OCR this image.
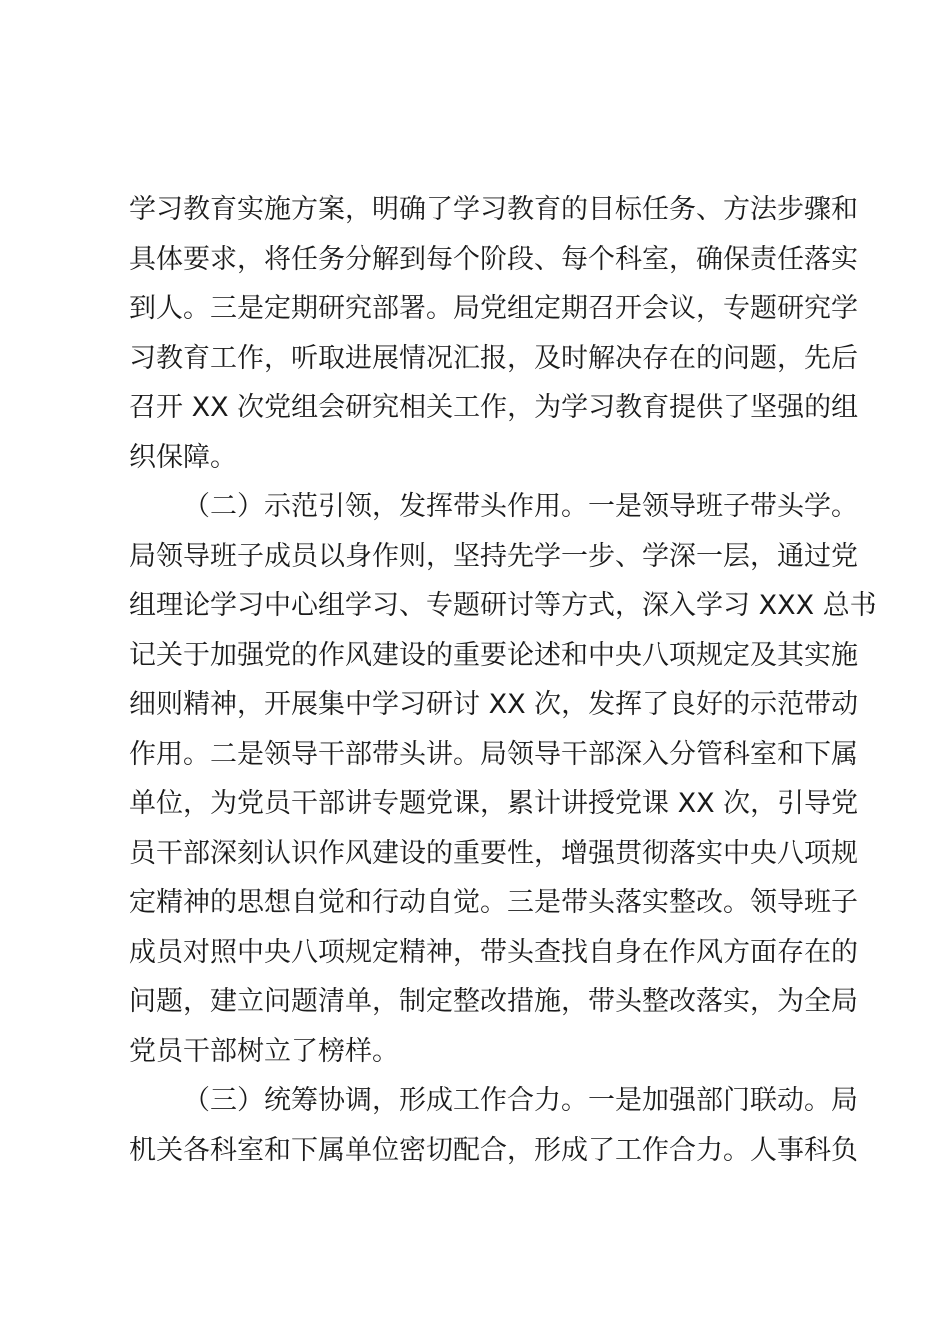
学习教育实施方案，明确了学习教育的目标任务、方法步骤和
具体要求，将任务分解到每个阶段、每个科室，确保责任落实
到人。三是定期研究部署。局党组定期召开会议，专题研究学
习教育工作，听取进展情况汇报，及时解决存在的问题，先后
召开 XX 次党组会研究相关工作，为学习教育提供了坚强的组
织保障。
（二）示范引领，发挥带头作用。一是领导班子带头学。
局领导班子成员以身作则，坚持先学一步、学深一层，通过党
组理论学习中心组学习、专题研讨等方式，深入学习 XXX 总书
记关于加强党的作风建设的重要论述和中央八项规定及其实施
细则精神，开展集中学习研讨 XX 次，发挥了良好的示范带动
作用。二是领导干部带头讲。局领导干部深入分管科室和下属
单位，为党员干部讲专题党课，累计讲授党课 XX 次，引导党
员干部深刻认识作风建设的重要性，增强贯彻落实中央八项规
定精神的思想自觉和行动自觉。三是带头落实整改。领导班子
成员对照中央八项规定精神，带头查找自身在作风方面存在的
问题，建立问题清单，制定整改措施，带头整改落实，为全局
党员干部树立了榜样。
（三）统筹协调，形成工作合力。一是加强部门联动。局
机关各科室和下属单位密切配合，形成了工作合力。人事科负
